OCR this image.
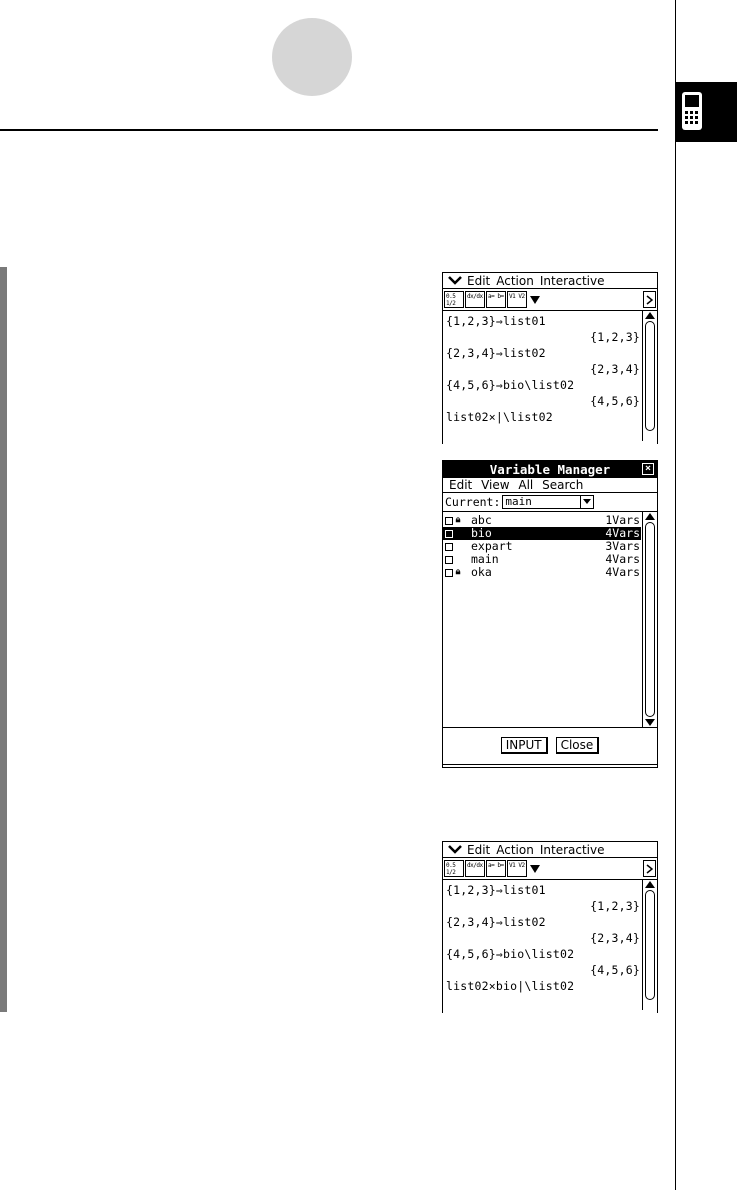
Edit Action Interactive
0.5 1/2
dx/dx a= b= V1 V2
{1,2,3}⇒list01
{1,2,3}
{2,3,4}⇒list02
{2,3,4}
{4,5,6}⇒bio\list02
{4,5,6}
list02×|\list02
Variable Manager	×
Edit View All Search
Current: main
🔒︎ abc	1Vars
bio	4Vars
expart	3Vars
main	4Vars
🔒︎ oka	4Vars
INPUT	Close
Edit Action Interactive
0.5 1/2
dx/dx a= b= V1 V2
{1,2,3}⇒list01
{1,2,3}
{2,3,4}⇒list02
{2,3,4}
{4,5,6}⇒bio\list02
{4,5,6}
list02×bio|\list02
